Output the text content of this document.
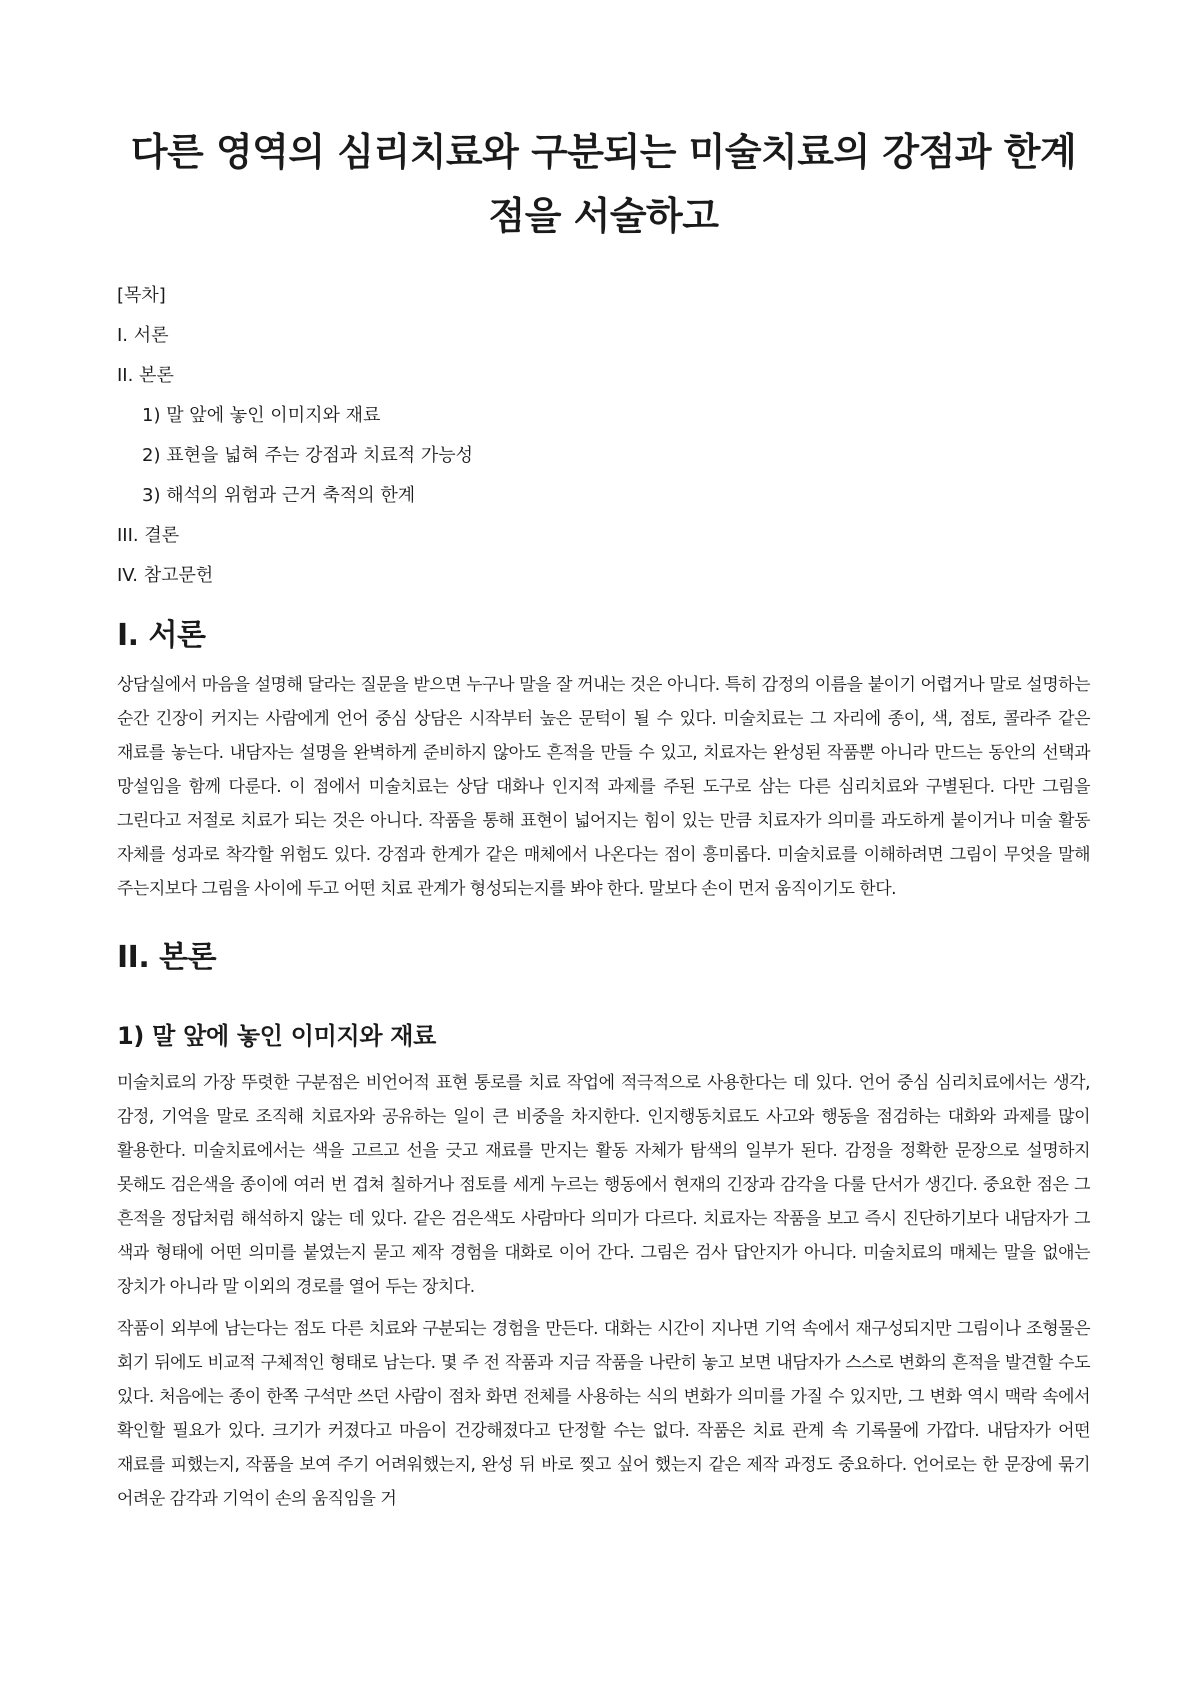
다른 영역의 심리치료와 구분되는 미술치료의 강점과 한계점을 서술하고
[목차]
I. 서론
II. 본론
1) 말 앞에 놓인 이미지와 재료
2) 표현을 넓혀 주는 강점과 치료적 가능성
3) 해석의 위험과 근거 축적의 한계
III. 결론
IV. 참고문헌
I. 서론

상담실에서 마음을 설명해 달라는 질문을 받으면 누구나 말을 잘 꺼내는 것은 아니다. 특히 감정의 이름을 붙이기 어렵거나 말로 설명하는 순간 긴장이 커지는 사람에게 언어 중심 상담은 시작부터 높은 문턱이 될 수 있다. 미술치료는 그 자리에 종이, 색, 점토, 콜라주 같은 재료를 놓는다. 내담자는 설명을 완벽하게 준비하지 않아도 흔적을 만들 수 있고, 치료자는 완성된 작품뿐 아니라 만드는 동안의 선택과 망설임을 함께 다룬다. 이 점에서 미술치료는 상담 대화나 인지적 과제를 주된 도구로 삼는 다른 심리치료와 구별된다. 다만 그림을 그린다고 저절로 치료가 되는 것은 아니다. 작품을 통해 표현이 넓어지는 힘이 있는 만큼 치료자가 의미를 과도하게 붙이거나 미술 활동 자체를 성과로 착각할 위험도 있다. 강점과 한계가 같은 매체에서 나온다는 점이 흥미롭다. 미술치료를 이해하려면 그림이 무엇을 말해 주는지보다 그림을 사이에 두고 어떤 치료 관계가 형성되는지를 봐야 한다. 말보다 손이 먼저 움직이기도 한다.

II. 본론
1) 말 앞에 놓인 이미지와 재료

미술치료의 가장 뚜렷한 구분점은 비언어적 표현 통로를 치료 작업에 적극적으로 사용한다는 데 있다. 언어 중심 심리치료에서는 생각, 감정, 기억을 말로 조직해 치료자와 공유하는 일이 큰 비중을 차지한다. 인지행동치료도 사고와 행동을 점검하는 대화와 과제를 많이 활용한다. 미술치료에서는 색을 고르고 선을 긋고 재료를 만지는 활동 자체가 탐색의 일부가 된다. 감정을 정확한 문장으로 설명하지 못해도 검은색을 종이에 여러 번 겹쳐 칠하거나 점토를 세게 누르는 행동에서 현재의 긴장과 감각을 다룰 단서가 생긴다. 중요한 점은 그 흔적을 정답처럼 해석하지 않는 데 있다. 같은 검은색도 사람마다 의미가 다르다. 치료자는 작품을 보고 즉시 진단하기보다 내담자가 그 색과 형태에 어떤 의미를 붙였는지 묻고 제작 경험을 대화로 이어 간다. 그림은 검사 답안지가 아니다. 미술치료의 매체는 말을 없애는 장치가 아니라 말 이외의 경로를 열어 두는 장치다.

작품이 외부에 남는다는 점도 다른 치료와 구분되는 경험을 만든다. 대화는 시간이 지나면 기억 속에서 재구성되지만 그림이나 조형물은 회기 뒤에도 비교적 구체적인 형태로 남는다. 몇 주 전 작품과 지금 작품을 나란히 놓고 보면 내담자가 스스로 변화의 흔적을 발견할 수도 있다. 처음에는 종이 한쪽 구석만 쓰던 사람이 점차 화면 전체를 사용하는 식의 변화가 의미를 가질 수 있지만, 그 변화 역시 맥락 속에서 확인할 필요가 있다. 크기가 커졌다고 마음이 건강해졌다고 단정할 수는 없다. 작품은 치료 관계 속 기록물에 가깝다. 내담자가 어떤 재료를 피했는지, 작품을 보여 주기 어려워했는지, 완성 뒤 바로 찢고 싶어 했는지 같은 제작 과정도 중요하다. 언어로는 한 문장에 묶기 어려운 감각과 기억이 손의 움직임을 거
